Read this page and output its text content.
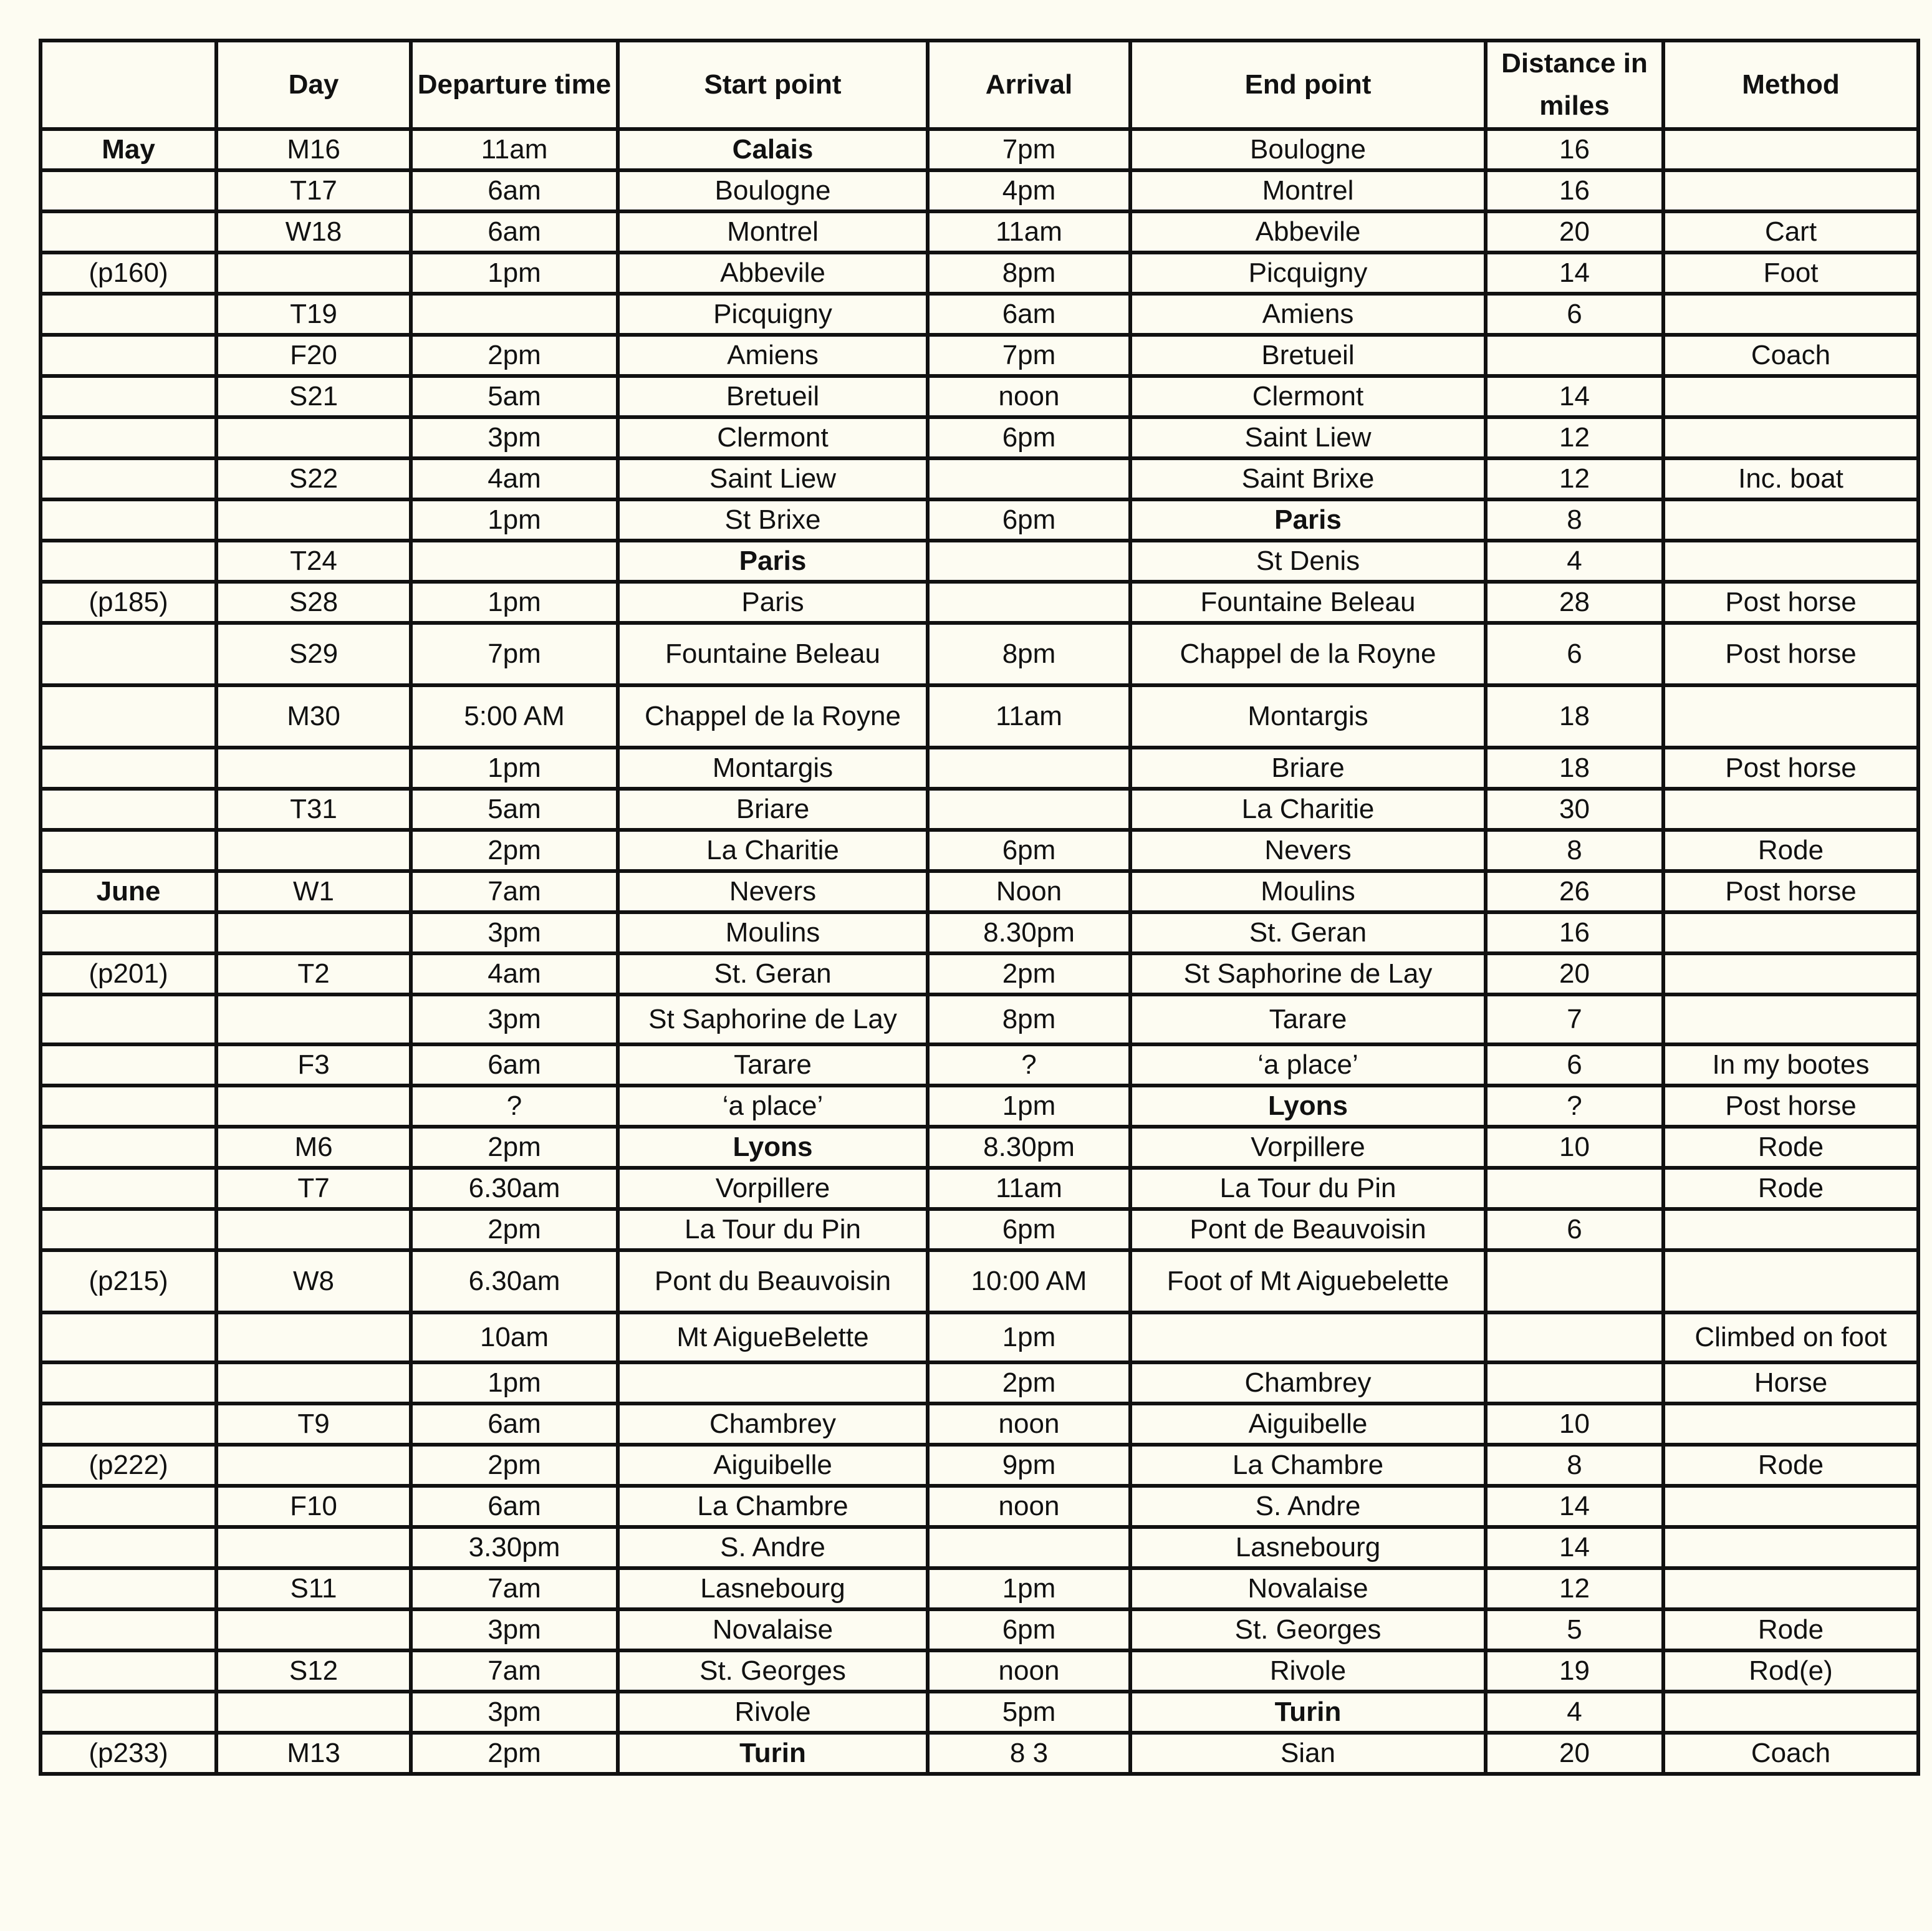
	Day	Departure time	Start point	Arrival	End point	Distance in miles	Method
May	M16	11am	Calais	7pm	Boulogne	16	
	T17	6am	Boulogne	4pm	Montrel	16	
	W18	6am	Montrel	11am	Abbevile	20	Cart
(p160)		1pm	Abbevile	8pm	Picquigny	14	Foot
	T19		Picquigny	6am	Amiens	6	
	F20	2pm	Amiens	7pm	Bretueil		Coach
	S21	5am	Bretueil	noon	Clermont	14	
		3pm	Clermont	6pm	Saint Liew	12	
	S22	4am	Saint Liew		Saint Brixe	12	Inc. boat
		1pm	St Brixe	6pm	Paris	8	
	T24		Paris		St Denis	4	
(p185)	S28	1pm	Paris		Fountaine Beleau	28	Post horse
	S29	7pm	Fountaine Beleau	8pm	Chappel de la Royne	6	Post horse
	M30	5:00 AM	Chappel de la Royne	11am	Montargis	18	
		1pm	Montargis		Briare	18	Post horse
	T31	5am	Briare		La Charitie	30	
		2pm	La Charitie	6pm	Nevers	8	Rode
June	W1	7am	Nevers	Noon	Moulins	26	Post horse
		3pm	Moulins	8.30pm	St. Geran	16	
(p201)	T2	4am	St. Geran	2pm	St Saphorine de Lay	20	
		3pm	St Saphorine de Lay	8pm	Tarare	7	
	F3	6am	Tarare	?	‘a place’	6	In my bootes
		?	‘a place’	1pm	Lyons	?	Post horse
	M6	2pm	Lyons	8.30pm	Vorpillere	10	Rode
	T7	6.30am	Vorpillere	11am	La Tour du Pin		Rode
		2pm	La Tour du Pin	6pm	Pont de Beauvoisin	6	
(p215)	W8	6.30am	Pont du Beauvoisin	10:00 AM	Foot of Mt Aiguebelette		
		10am	Mt AigueBelette	1pm			Climbed on foot
		1pm		2pm	Chambrey		Horse
	T9	6am	Chambrey	noon	Aiguibelle	10	
(p222)		2pm	Aiguibelle	9pm	La Chambre	8	Rode
	F10	6am	La Chambre	noon	S. Andre	14	
		3.30pm	S. Andre		Lasnebourg	14	
	S11	7am	Lasnebourg	1pm	Novalaise	12	
		3pm	Novalaise	6pm	St. Georges	5	Rode
	S12	7am	St. Georges	noon	Rivole	19	Rod(e)
		3pm	Rivole	5pm	Turin	4	
(p233)	M13	2pm	Turin	8 3	Sian	20	Coach
